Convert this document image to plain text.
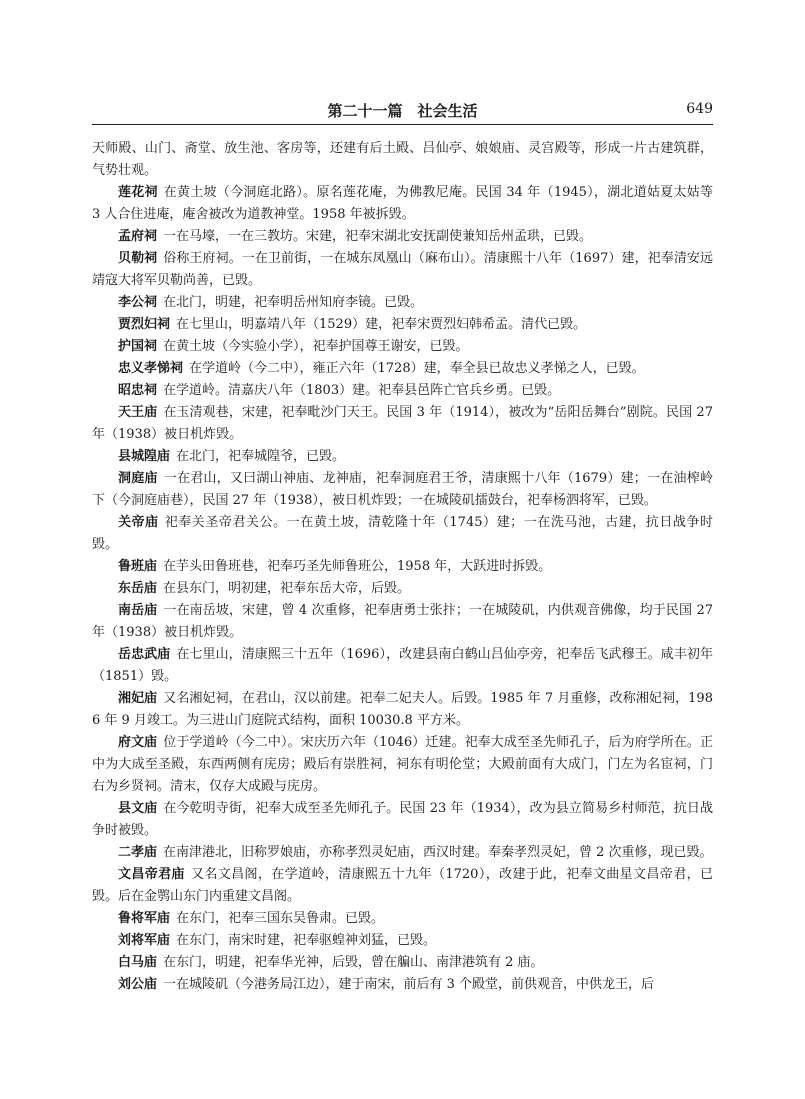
第二十一篇　社会生活	649

天师殿、山门、斋堂、放生池、客房等，还建有后土殿、吕仙亭、娘娘庙、灵宫殿等，形成一片古建筑群，气势壮观。

莲花祠 在黄土坡（今洞庭北路）。原名莲花庵，为佛教尼庵。民国 34 年（1945），湖北道姑夏太姑等 3 人合住进庵，庵舍被改为道教神堂。1958 年被拆毁。

孟府祠 一在马壕，一在三教坊。宋建，祀奉宋湖北安抚副使兼知岳州孟珙，已毁。

贝勒祠 俗称王府祠。一在卫前街，一在城东凤凰山（麻布山）。清康熙十八年（1697）建，祀奉清安远靖寇大将军贝勒尚善，已毁。

李公祠 在北门，明建，祀奉明岳州知府李镜。已毁。

贾烈妇祠 在七里山，明嘉靖八年（1529）建，祀奉宋贾烈妇韩希孟。清代已毁。

护国祠 在黄土坡（今实验小学），祀奉护国尊王谢安，已毁。

忠义孝悌祠 在学道岭（今二中），雍正六年（1728）建，奉全县已故忠义孝悌之人，已毁。

昭忠祠 在学道岭。清嘉庆八年（1803）建。祀奉县邑阵亡官兵乡勇。已毁。

天王庙 在玉清观巷，宋建，祀奉毗沙门天王。民国 3 年（1914），被改为“岳阳岳舞台”剧院。民国 27 年（1938）被日机炸毁。

县城隍庙 在北门，祀奉城隍爷，已毁。

洞庭庙 一在君山，又曰湖山神庙、龙神庙，祀奉洞庭君王爷，清康熙十八年（1679）建；一在油榨岭下（今洞庭庙巷），民国 27 年（1938），被日机炸毁；一在城陵矶擂鼓台，祀奉杨泗将军，已毁。

关帝庙 祀奉关圣帝君关公。一在黄土坡，清乾隆十年（1745）建；一在洗马池，古建，抗日战争时毁。

鲁班庙 在芋头田鲁班巷，祀奉巧圣先师鲁班公，1958 年，大跃进时拆毁。

东岳庙 在县东门，明初建，祀奉东岳大帝，后毁。

南岳庙 一在南岳坡，宋建，曾 4 次重修，祀奉唐勇士张抃；一在城陵矶，内供观音佛像，均于民国 27 年（1938）被日机炸毁。

岳忠武庙 在七里山，清康熙三十五年（1696），改建县南白鹤山吕仙亭旁，祀奉岳飞武穆王。咸丰初年（1851）毁。

湘妃庙 又名湘妃祠，在君山，汉以前建。祀奉二妃夫人。后毁。1985 年 7 月重修，改称湘妃祠，1986 年 9 月竣工。为三进山门庭院式结构，面积 10030.8 平方米。

府文庙 位于学道岭（今二中）。宋庆历六年（1046）迁建。祀奉大成至圣先师孔子，后为府学所在。正中为大成至圣殿，东西两侧有庑房；殿后有崇胜祠，祠东有明伦堂；大殿前面有大成门，门左为名宦祠，门右为乡贤祠。清末，仅存大成殿与庑房。

县文庙 在今乾明寺街，祀奉大成至圣先师孔子。民国 23 年（1934），改为县立简易乡村师范，抗日战争时被毁。

二孝庙 在南津港北，旧称罗娘庙，亦称孝烈灵妃庙，西汉时建。奉秦孝烈灵妃，曾 2 次重修，现已毁。

文昌帝君庙 又名文昌阁，在学道岭，清康熙五十九年（1720），改建于此，祀奉文曲星文昌帝君，已毁。后在金鹗山东门内重建文昌阁。

鲁将军庙 在东门，祀奉三国东吴鲁肃。已毁。

刘将军庙 在东门，南宋时建，祀奉驱蝗神刘猛，已毁。

白马庙 在东门，明建，祀奉华光神，后毁，曾在艑山、南津港筑有 2 庙。

刘公庙 一在城陵矶（今港务局江边），建于南宋，前后有 3 个殿堂，前供观音，中供龙王，后
